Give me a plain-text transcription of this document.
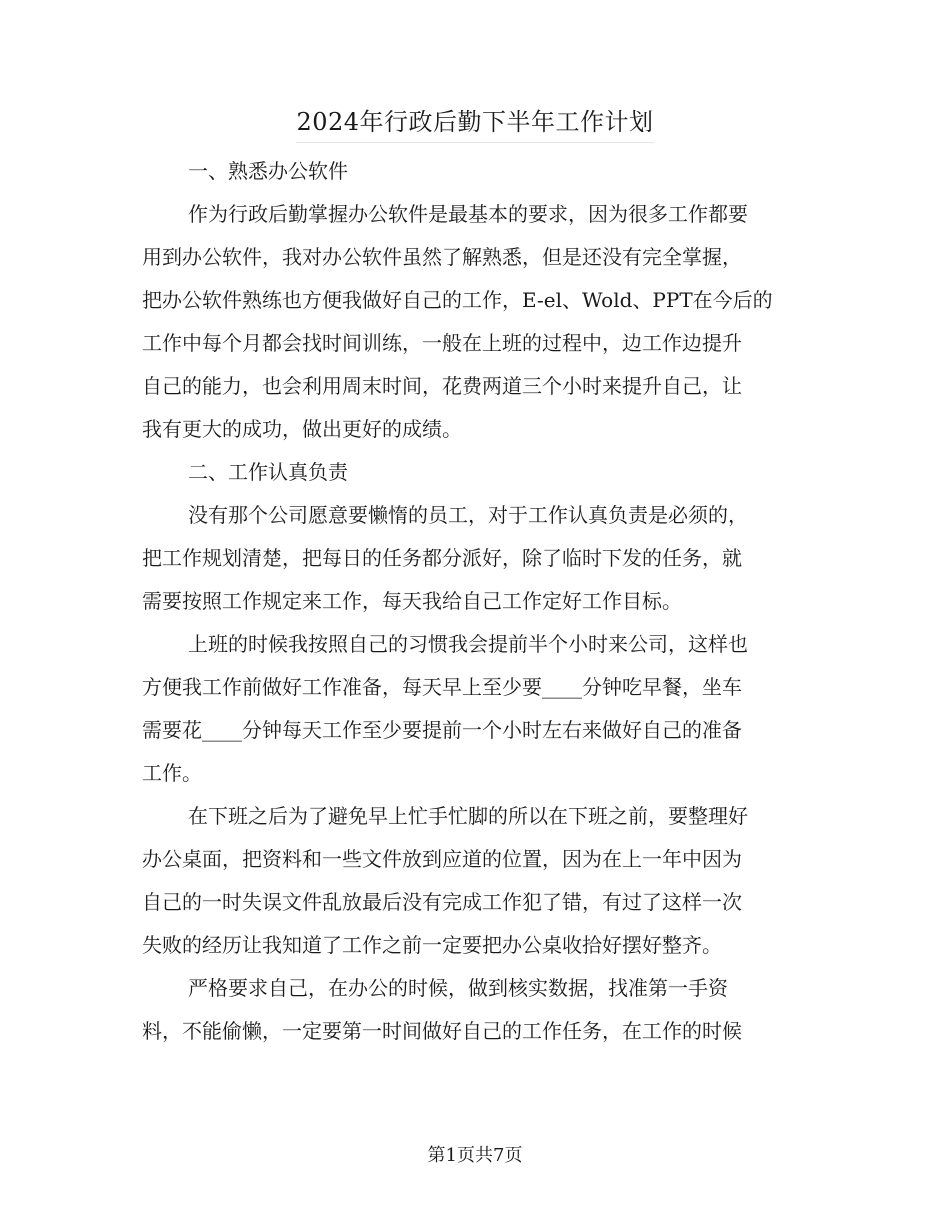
2024年行政后勤下半年工作计划
一、熟悉办公软件
作为行政后勤掌握办公软件是最基本的要求，因为很多工作都要
用到办公软件，我对办公软件虽然了解熟悉，但是还没有完全掌握，
把办公软件熟练也方便我做好自己的工作，E-el、Wold、PPT在今后的
工作中每个月都会找时间训练，一般在上班的过程中，边工作边提升
自己的能力，也会利用周末时间，花费两道三个小时来提升自己，让
我有更大的成功，做出更好的成绩。
二、工作认真负责
没有那个公司愿意要懒惰的员工，对于工作认真负责是必须的，
把工作规划清楚，把每日的任务都分派好，除了临时下发的任务，就
需要按照工作规定来工作，每天我给自己工作定好工作目标。
上班的时候我按照自己的习惯我会提前半个小时来公司，这样也
方便我工作前做好工作准备，每天早上至少要____分钟吃早餐，坐车
需要花____分钟每天工作至少要提前一个小时左右来做好自己的准备
工作。
在下班之后为了避免早上忙手忙脚的所以在下班之前，要整理好
办公桌面，把资料和一些文件放到应道的位置，因为在上一年中因为
自己的一时失误文件乱放最后没有完成工作犯了错，有过了这样一次
失败的经历让我知道了工作之前一定要把办公桌收拾好摆好整齐。
严格要求自己，在办公的时候，做到核实数据，找准第一手资
料，不能偷懒，一定要第一时间做好自己的工作任务，在工作的时候
第1页共7页
